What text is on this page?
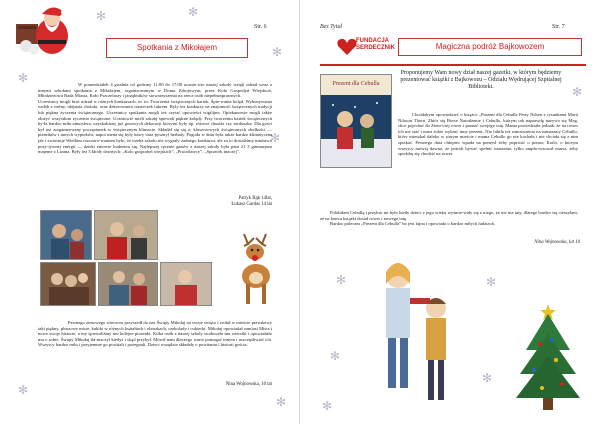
Str. 6
Spotkania z Mikołajem
✻	✻
✻
✻
✻	W ponoedziałek 4 grudnia od godziny 11:00 do 17:00 ucznio-wie naszej szkoły wzięli udział wraz z innymi szkołami spotkania z Mikołajem, organizowanym w Domu Zdrojowym, przez Koło Gospodyń Wiejskich, Młodzieżowa Rada Miasta, Koło Pszczelarzy i jarzębników stowarzyszenia na rzecz osób niepełnosprawnych.

Uczestnicy mogli brać udział w różnych konkursach, m. in. Tworzenia świątecznych kartek, Śpie-wania kolęd, Wykonywania ozdób z wełny, ubijania choinki, oraz dekorowania ciasteczek lukrem. Były tez konkursy na znajomość świątecznych tradycji lub piękna życzenia świątecznego. Uczestnicy spotkania mogli też czytać opowieści wigilijne. Opiekunowie mogli także złożyć wszystkim życzenia świąteczne. Uczniowie mieli szkołę śpiewali piękne kolędy. Przy tworzeniu kartek świątecznych by-ła bardzo miła atmosfera, uzyskaliśmy już gotowych dekoracji którymi były np. różowe chustki czy serduszka. Dla gości był też zorganizowany poczęstunek w świątecznym klimacie. Składał się się z: kluszczowych świątecznych słodkości — pierników i innych wypieków, napoi mena się były kawy oraz pyszny) herbaty. Pogoda w dniu była także bardzo klimatyczna jak i zwiastuje Wielkim rozczaro-waniem było, że trzeba szkoło nie wygrały żadnego konkursu, ale za to dostaliśmy mnóstwo pozy-tywnej energii — dzieki zmowie budzeniu się, Najlepszej ręcznie ganów z naszej szkoły była pani 21 3 gimnazjum majeme z Lizana. Były też 3 kłody dawnych: „Kolo gospodyń wiejskich”, „Pracodawcy”, „Sprawek inaczej”.

Patryk Bąk 14lat,
Łukasz Gardas 14 lat

Pewnego zimowego wieczoru przyszedł do nas Święty Mikołaj na swoje święto i zrobił w mieście prawdziwy taki piękny, pluszowe misie, kubiki w różnych kształtach i obrazkach, czekolady i cukierki. Mikołaj opowiadał zamiast Misia i nowe swoje historie, a my śpiewaliśmy mu kolejne piosenki. Kilka osób z naszej szkoły ucałowało mu wiersiki i opowiadało mu o sobie. Święty Mikołaj tła-maczył kiedyś i skąd przybył. Mówił nam dlaczego warto pomagać innym i uszczęśliwiać ich. Wszyscy bardzo miło i przyjemnie go powitali i pożegnali. Dzieci wszędzie składały o powitaniu i historii gościa.

Nina Wojnowska, 10 lat
✻
✻
Bez Tytuł	Str. 7
FUNDACJA SERDECZNIK	Magiczna podróż Bajkowozem
Proponujemy Wam nowy dział naszej gazetki, w którym będziemy prezentować książki z Bajkowozu – Odziału Wędrującej Szpitalnej Biblioteki.
Prezent dla Cebulla

Chciałabym opowiedzieć o książce „Prezent dla Cebulla Petry Nilsen z rysunkami Marit Nilsson Thorn. Zbiór się Borse Narodzenie i Cebullo, którym tak naprawdę nazywa się Meg, chce pojechać do Ziem-czej rower i poznać swojego tatę. Mama powiedziała jednak, że na rower ich nie stać i musi sobie wybrać inny prezent. Nie lubiła też zamroszenia na zamarzaty Cebullo, który mieszkał daleko w starym mieście i mama Cebullo go nie kochała i nie chciała się z nim spotkać. Pewnego dnia chłopiec wpada na pomysł żeby poprosić o pomoc Karlo, o którym wszyscy mówią dawno, że potrafi bywać spełnić marzenia, tylko ampło-ryzował marsz, żeby spodobę się chodzić na rower.

Polubiłam Cebullę i przykro mi było kiedy dzieci z jego wieku wyśmie-wały się z niego, że nie ma taty, dlatego bardzo się cieszyłam, że na koncu książki dostał rower i nowego tatę.

Bardzo polecam „Prezent dla Cebulla” bo jest fajna i opowiada o bardzo miłych ludziach.

Nina Wojnowska, lat 10
✻
✻	✻
✻
✻
✻
